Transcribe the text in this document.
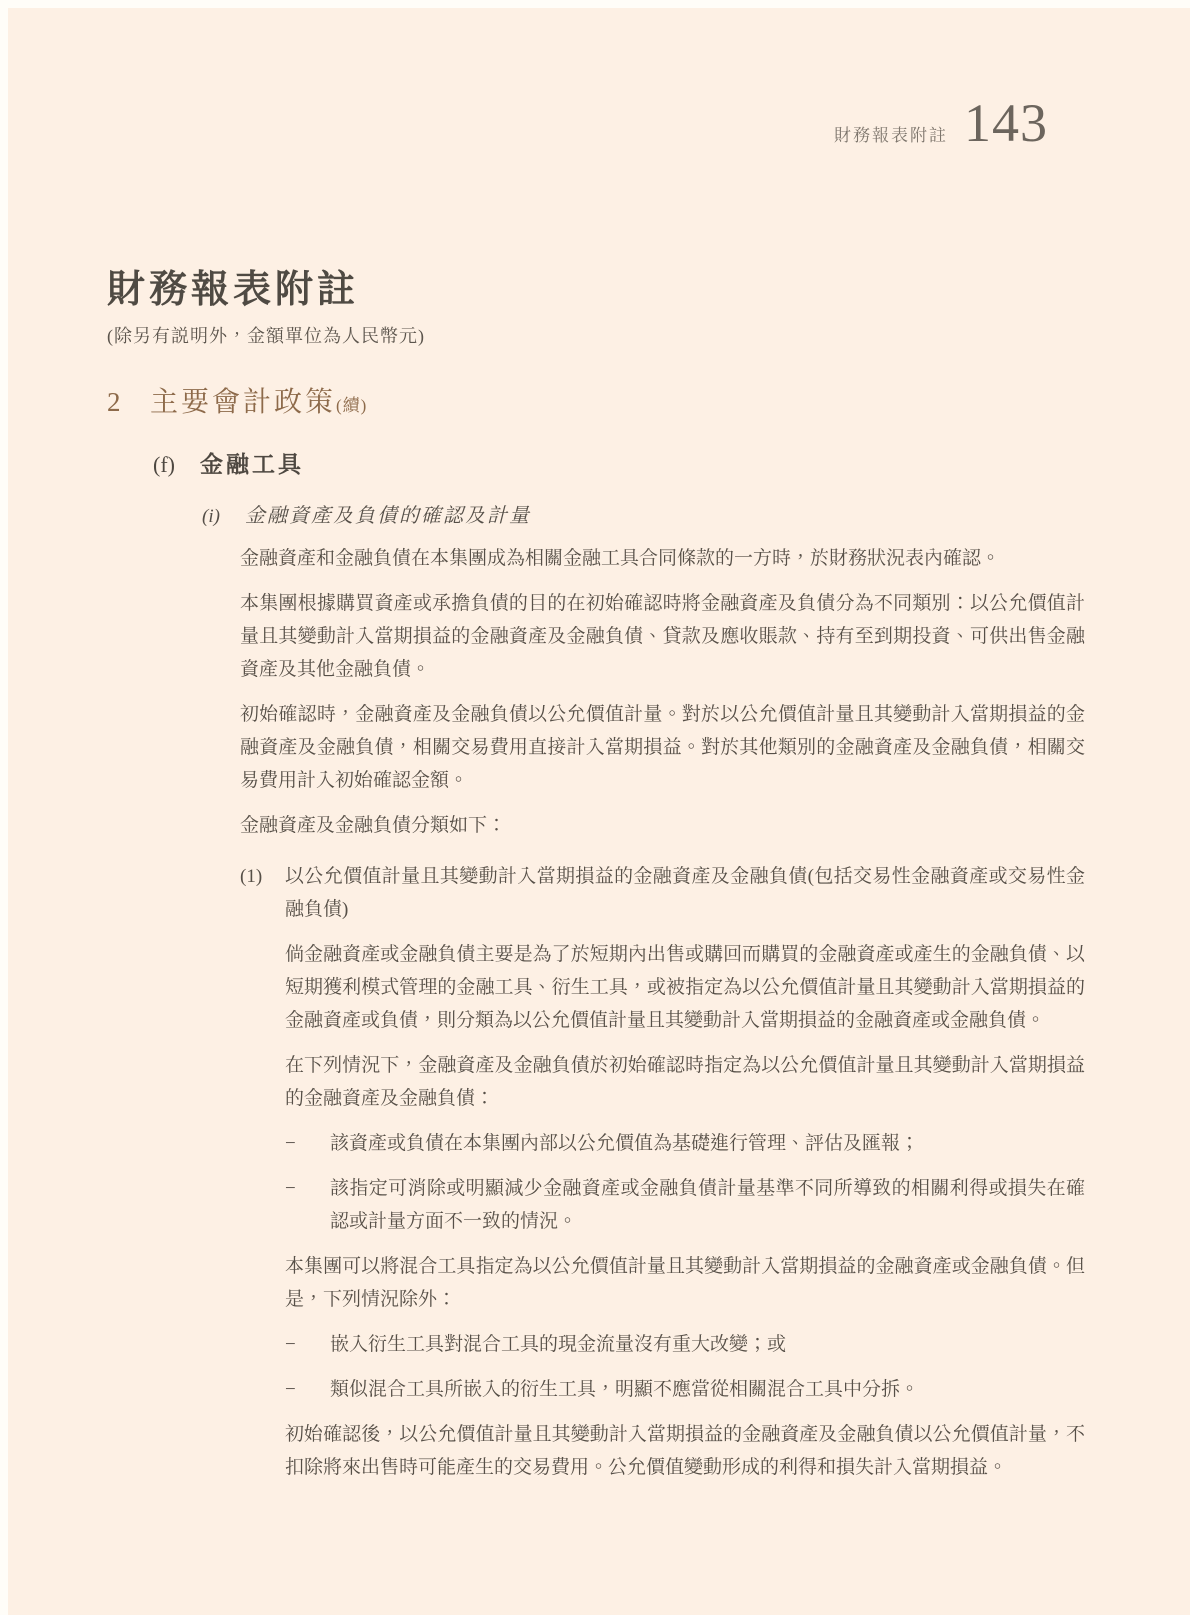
財務報表附註 143
財務報表附註
(除另有説明外，金額單位為人民幣元)
2	主要會計政策 (續)
(f)	金融工具
(i)	金融資產及負債的確認及計量

金融資產和金融負債在本集團成為相關金融工具合同條款的一方時，於財務狀況表內確認。

本集團根據購買資產或承擔負債的目的在初始確認時將金融資產及負債分為不同類別：以公允價值計量且其變動計入當期損益的金融資產及金融負債、貸款及應收賬款、持有至到期投資、可供出售金融資產及其他金融負債。

初始確認時，金融資產及金融負債以公允價值計量。對於以公允價值計量且其變動計入當期損益的金融資產及金融負債，相關交易費用直接計入當期損益。對於其他類別的金融資產及金融負債，相關交易費用計入初始確認金額。

金融資產及金融負債分類如下：

(1)	以公允價值計量且其變動計入當期損益的金融資產及金融負債(包括交易性金融資產或交易性金融負債)

倘金融資產或金融負債主要是為了於短期內出售或購回而購買的金融資產或產生的金融負債、以短期獲利模式管理的金融工具、衍生工具，或被指定為以公允價值計量且其變動計入當期損益的金融資產或負債，則分類為以公允價值計量且其變動計入當期損益的金融資產或金融負債。

在下列情況下，金融資產及金融負債於初始確認時指定為以公允價值計量且其變動計入當期損益的金融資產及金融負債：

−	該資產或負債在本集團內部以公允價值為基礎進行管理、評估及匯報；
−	該指定可消除或明顯減少金融資產或金融負債計量基準不同所導致的相關利得或損失在確認或計量方面不一致的情況。

本集團可以將混合工具指定為以公允價值計量且其變動計入當期損益的金融資產或金融負債。但是，下列情況除外：

−	嵌入衍生工具對混合工具的現金流量沒有重大改變；或
−	類似混合工具所嵌入的衍生工具，明顯不應當從相關混合工具中分拆。

初始確認後，以公允價值計量且其變動計入當期損益的金融資產及金融負債以公允價值計量，不扣除將來出售時可能產生的交易費用。公允價值變動形成的利得和損失計入當期損益。
